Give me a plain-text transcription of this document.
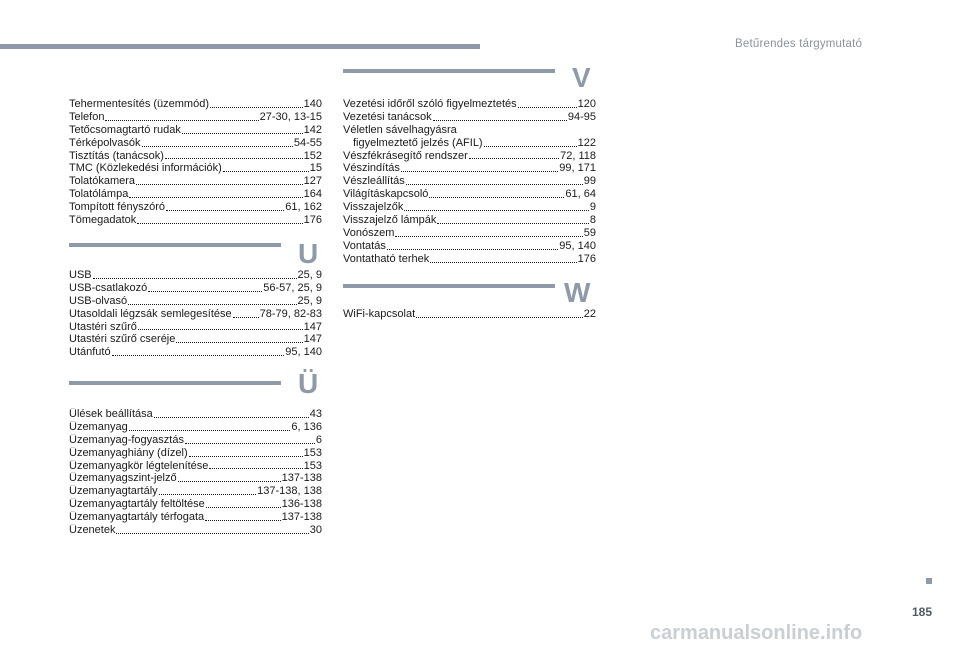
Betűrendes tárgymutató
Tehermentesítés (üzemmód)	140
Telefon	27-30, 13-15
Tetőcsomagtartó rudak	142
Térképolvasók	54-55
Tisztítás (tanácsok)	152
TMC (Közlekedési információk)	15
Tolatókamera	127
Tolatólámpa	164
Tompított fényszóró	61, 162
Tömegadatok	176
U
USB	25, 9
USB-csatlakozó	56-57, 25, 9
USB-olvasó	25, 9
Utasoldali légzsák semlegesítése	78-79, 82-83
Utastéri szűrő	147
Utastéri szűrő cseréje	147
Utánfutó	95, 140
Ü
Ülések beállítása	43
Üzemanyag	6, 136
Üzemanyag-fogyasztás	6
Üzemanyaghiány (dízel)	153
Üzemanyagkör légtelenítése	153
Üzemanyagszint-jelző	137-138
Üzemanyagtartály	137-138, 138
Üzemanyagtartály feltöltése	136-138
Üzemanyagtartály térfogata	137-138
Üzenetek	30
V
Vezetési időről szóló figyelmeztetés	120
Vezetési tanácsok	94-95
Véletlen sávelhagyásra
figyelmeztető jelzés (AFIL)	122
Vészfékrásegítő rendszer	72, 118
Vészindítás	99, 171
Vészleállítás	99
Világításkapcsoló	61, 64
Visszajelzők	9
Visszajelző lámpák	8
Vonószem	59
Vontatás	95, 140
Vontatható terhek	176
W
WiFi-kapcsolat	22
185
carmanualsonline.info
